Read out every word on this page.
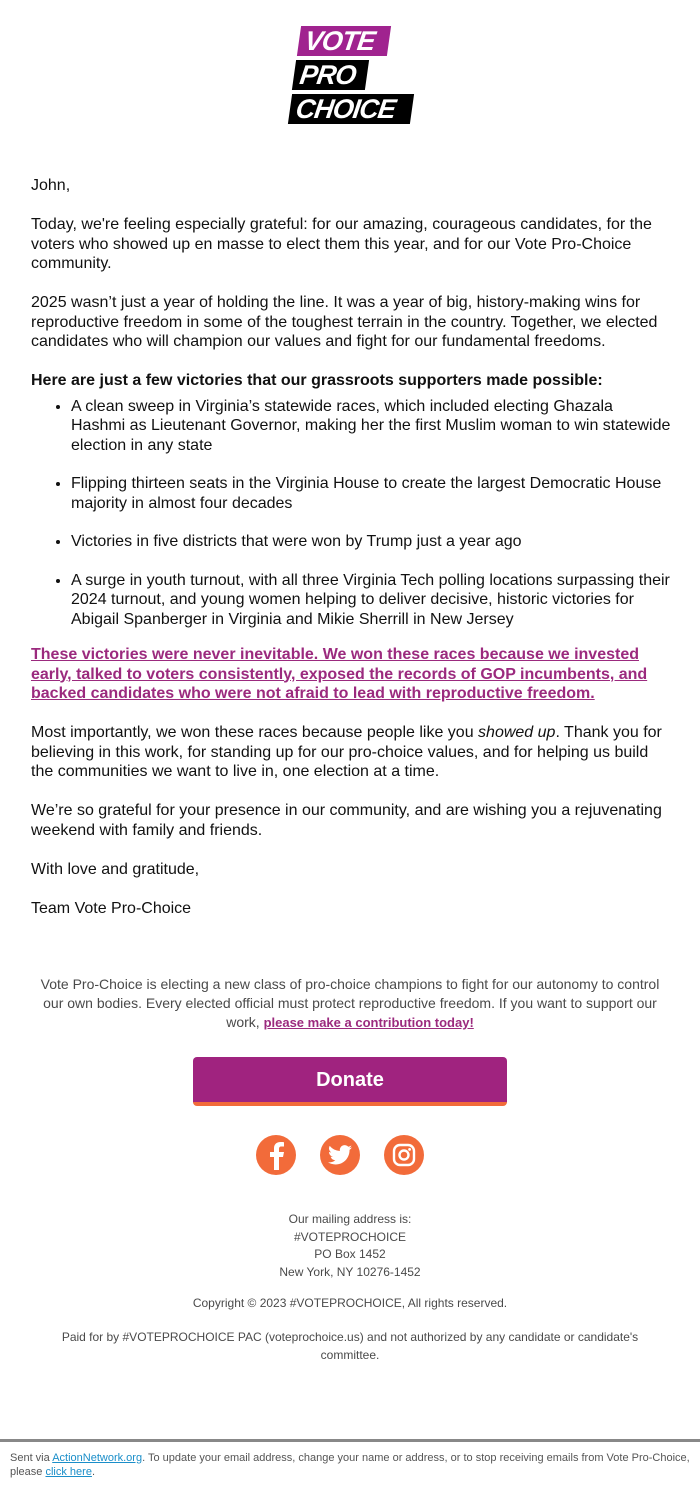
VOTE
PRO
CHOICE

John,

Today, we're feeling especially grateful: for our amazing, courageous candidates, for the voters who showed up en masse to elect them this year, and for our Vote Pro-Choice community.

2025 wasn’t just a year of holding the line. It was a year of big, history-making wins for reproductive freedom in some of the toughest terrain in the country. Together, we elected candidates who will champion our values and fight for our fundamental freedoms.

Here are just a few victories that our grassroots supporters made possible:

• A clean sweep in Virginia’s statewide races, which included electing Ghazala Hashmi as Lieutenant Governor, making her the first Muslim woman to win statewide election in any state
• Flipping thirteen seats in the Virginia House to create the largest Democratic House majority in almost four decades
• Victories in five districts that were won by Trump just a year ago
• A surge in youth turnout, with all three Virginia Tech polling locations surpassing their 2024 turnout, and young women helping to deliver decisive, historic victories for Abigail Spanberger in Virginia and Mikie Sherrill in New Jersey

These victories were never inevitable. We won these races because we invested early, talked to voters consistently, exposed the records of GOP incumbents, and backed candidates who were not afraid to lead with reproductive freedom.

Most importantly, we won these races because people like you showed up. Thank you for believing in this work, for standing up for our pro-choice values, and for helping us build the communities we want to live in, one election at a time.

We’re so grateful for your presence in our community, and are wishing you a rejuvenating weekend with family and friends.

With love and gratitude,

Team Vote Pro-Choice

Vote Pro-Choice is electing a new class of pro-choice champions to fight for our autonomy to control our own bodies. Every elected official must protect reproductive freedom. If you want to support our work, please make a contribution today!
Donate
Our mailing address is:
#VOTEPROCHOICE
PO Box 1452
New York, NY 10276-1452
Copyright © 2023 #VOTEPROCHOICE, All rights reserved.
Paid for by #VOTEPROCHOICE PAC (voteprochoice.us) and not authorized by any candidate or candidate's committee.
Sent via ActionNetwork.org. To update your email address, change your name or address, or to stop receiving emails from Vote Pro-Choice, please click here.
